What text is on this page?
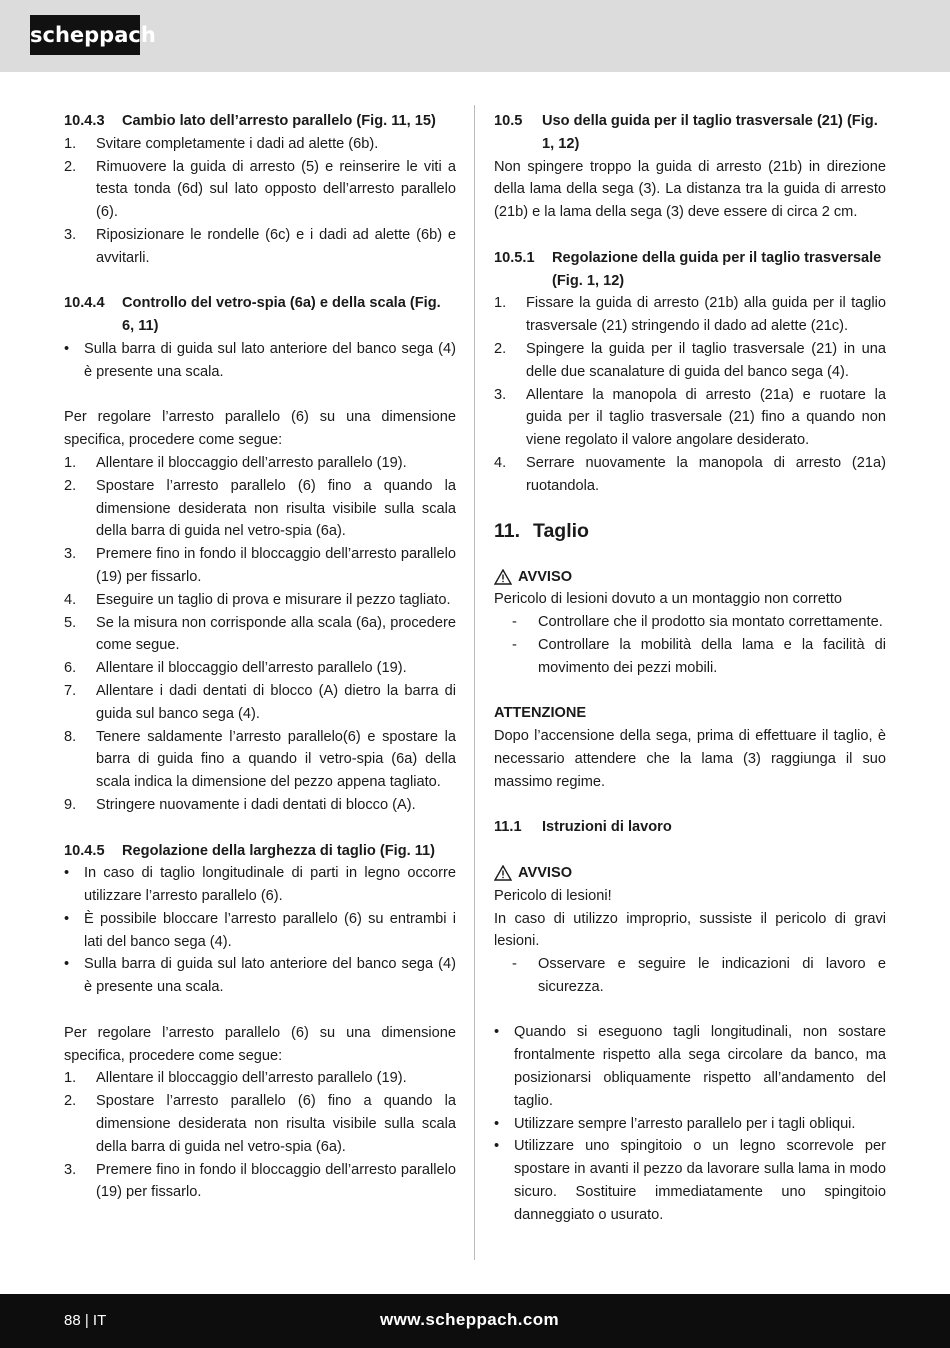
scheppach
10.4.3	Cambio lato dell’arresto parallelo (Fig. 11, 15)
1.	Svitare completamente i dadi ad alette (6b).
2.	Rimuovere la guida di arresto (5) e reinserire le viti a testa tonda (6d) sul lato opposto dell’arresto parallelo (6).
3.	Riposizionare le rondelle (6c) e i dadi ad alette (6b) e avvitarli.
10.4.4	Controllo del vetro-spia (6a) e della scala (Fig. 6, 11)
•	Sulla barra di guida sul lato anteriore del banco sega (4) è presente una scala.
Per regolare l’arresto parallelo (6) su una dimensione specifica, procedere come segue:
1.	Allentare il bloccaggio dell’arresto parallelo (19).
2.	Spostare l’arresto parallelo (6) fino a quando la dimensione desiderata non risulta visibile sulla scala della barra di guida nel vetro-spia (6a).
3.	Premere fino in fondo il bloccaggio dell’arresto parallelo (19) per fissarlo.
4.	Eseguire un taglio di prova e misurare il pezzo tagliato.
5.	Se la misura non corrisponde alla scala (6a), procedere come segue.
6.	Allentare il bloccaggio dell’arresto parallelo (19).
7.	Allentare i dadi dentati di blocco (A) dietro la barra di guida sul banco sega (4).
8.	Tenere saldamente l’arresto parallelo(6) e spostare la barra di guida fino a quando il vetro-spia (6a) della scala indica la dimensione del pezzo appena tagliato.
9.	Stringere nuovamente i dadi dentati di blocco (A).
10.4.5	Regolazione della larghezza di taglio (Fig. 11)
•	In caso di taglio longitudinale di parti in legno occorre utilizzare l’arresto parallelo (6).
•	È possibile bloccare l’arresto parallelo (6) su entrambi i lati del banco sega (4).
•	Sulla barra di guida sul lato anteriore del banco sega (4) è presente una scala.
Per regolare l’arresto parallelo (6) su una dimensione specifica, procedere come segue:
1.	Allentare il bloccaggio dell’arresto parallelo (19).
2.	Spostare l’arresto parallelo (6) fino a quando la dimensione desiderata non risulta visibile sulla scala della barra di guida nel vetro-spia (6a).
3.	Premere fino in fondo il bloccaggio dell’arresto parallelo (19) per fissarlo.
10.5	Uso della guida per il taglio trasversale (21) (Fig. 1, 12)
Non spingere troppo la guida di arresto (21b) in direzione della lama della sega (3). La distanza tra la guida di arresto (21b) e la lama della sega (3) deve essere di circa 2 cm.
10.5.1	Regolazione della guida per il taglio trasversale (Fig. 1, 12)
1.	Fissare la guida di arresto (21b) alla guida per il taglio trasversale (21) stringendo il dado ad alette (21c).
2.	Spingere la guida per il taglio trasversale (21) in una delle due scanalature di guida del banco sega (4).
3.	Allentare la manopola di arresto (21a) e ruotare la guida per il taglio trasversale (21) fino a quando non viene regolato il valore angolare desiderato.
4.	Serrare nuovamente la manopola di arresto (21a) ruotandola.
11. Taglio
AVVISO
Pericolo di lesioni dovuto a un montaggio non corretto
-	Controllare che il prodotto sia montato correttamente.
-	Controllare la mobilità della lama e la facilità di movimento dei pezzi mobili.
ATTENZIONE
Dopo l’accensione della sega, prima di effettuare il taglio, è necessario attendere che la lama (3) raggiunga il suo massimo regime.
11.1	Istruzioni di lavoro
AVVISO
Pericolo di lesioni!
In caso di utilizzo improprio, sussiste il pericolo di gravi lesioni.
-	Osservare e seguire le indicazioni di lavoro e sicurezza.
•	Quando si eseguono tagli longitudinali, non sostare frontalmente rispetto alla sega circolare da banco, ma posizionarsi obliquamente rispetto all’andamento del taglio.
•	Utilizzare sempre l’arresto parallelo per i tagli obliqui.
•	Utilizzare uno spingitoio o un legno scorrevole per spostare in avanti il pezzo da lavorare sulla lama in modo sicuro. Sostituire immediatamente uno spingitoio danneggiato o usurato.
88 | IT	www.scheppach.com
